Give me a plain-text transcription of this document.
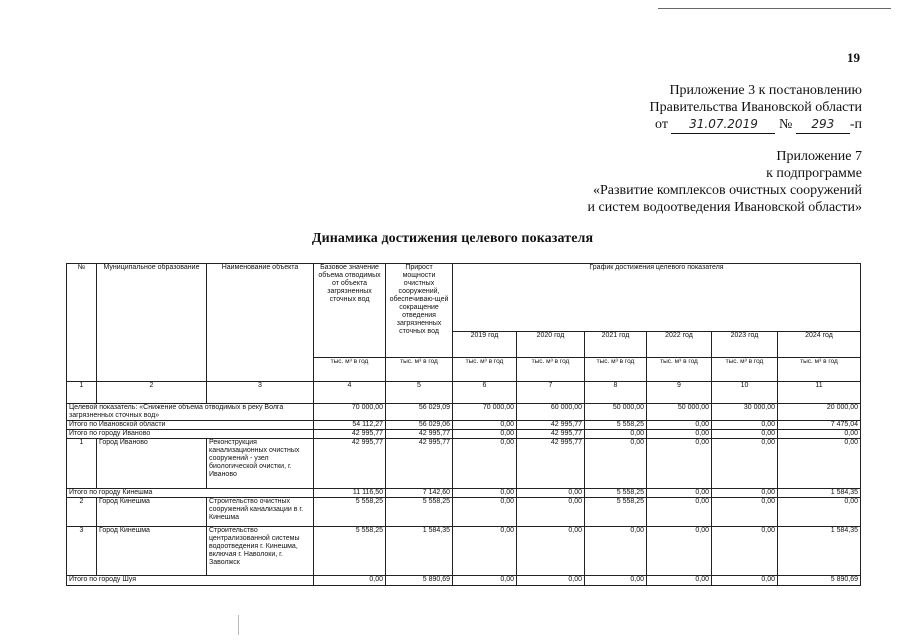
19
Приложение 3 к постановлению
Правительства Ивановской области
от 31.07.2019 № 293 -п
Приложение 7
к подпрограмме
«Развитие комплексов очистных сооружений
и систем водоотведения Ивановской области»
Динамика достижения целевого показателя
№	Муниципальное образование	Наименование объекта	Базовое значение объема отводимых от объекта загрязненных сточных вод	Прирост мощности очистных сооружений, обеспечиваю-щей сокращение отведения загрязненных сточных вод	График достижения целевого показателя					
					2019 год	2020 год	2021 год	2022 год	2023 год	2024 год
			тыс. м³ в год	тыс. м³ в год	тыс. м³ в год	тыс. м³ в год	тыс. м³ в год	тыс. м³ в год	тыс. м³ в год	тыс. м³ в год
1	2	3	4	5	6	7	8	9	10	11
Целевой показатель: «Снижение объема отводимых в реку Волга загрязненных сточных вод»			70 000,00	56 029,09	70 000,00	60 000,00	50 000,00	50 000,00	30 000,00	20 000,00
Итого по Ивановской области			54 112,27	56 029,06	0,00	42 995,77	5 558,25	0,00	0,00	7 475,04
Итого по городу Иваново			42 995,77	42 995,77	0,00	42 995,77	0,00	0,00	0,00	0,00
1	Город Иваново	Реконструкция канализационных очистных сооружений - узел биологической очистки, г. Иваново	42 995,77	42 995,77	0,00	42 995,77	0,00	0,00	0,00	0,00
Итого по городу Кинешма			11 116,50	7 142,60	0,00	0,00	5 558,25	0,00	0,00	1 584,35
2	Город Кинешма	Строительство очистных сооружений канализации в г. Кинешма	5 558,25	5 558,25	0,00	0,00	5 558,25	0,00	0,00	0,00
3	Город Кинешма	Строительство централизованной системы водоотведения г. Кинешма, включая г. Наволоки, г. Заволжск	5 558,25	1 584,35	0,00	0,00	0,00	0,00	0,00	1 584,35
Итого по городу Шуя			0,00	5 890,69	0,00	0,00	0,00	0,00	0,00	5 890,69
